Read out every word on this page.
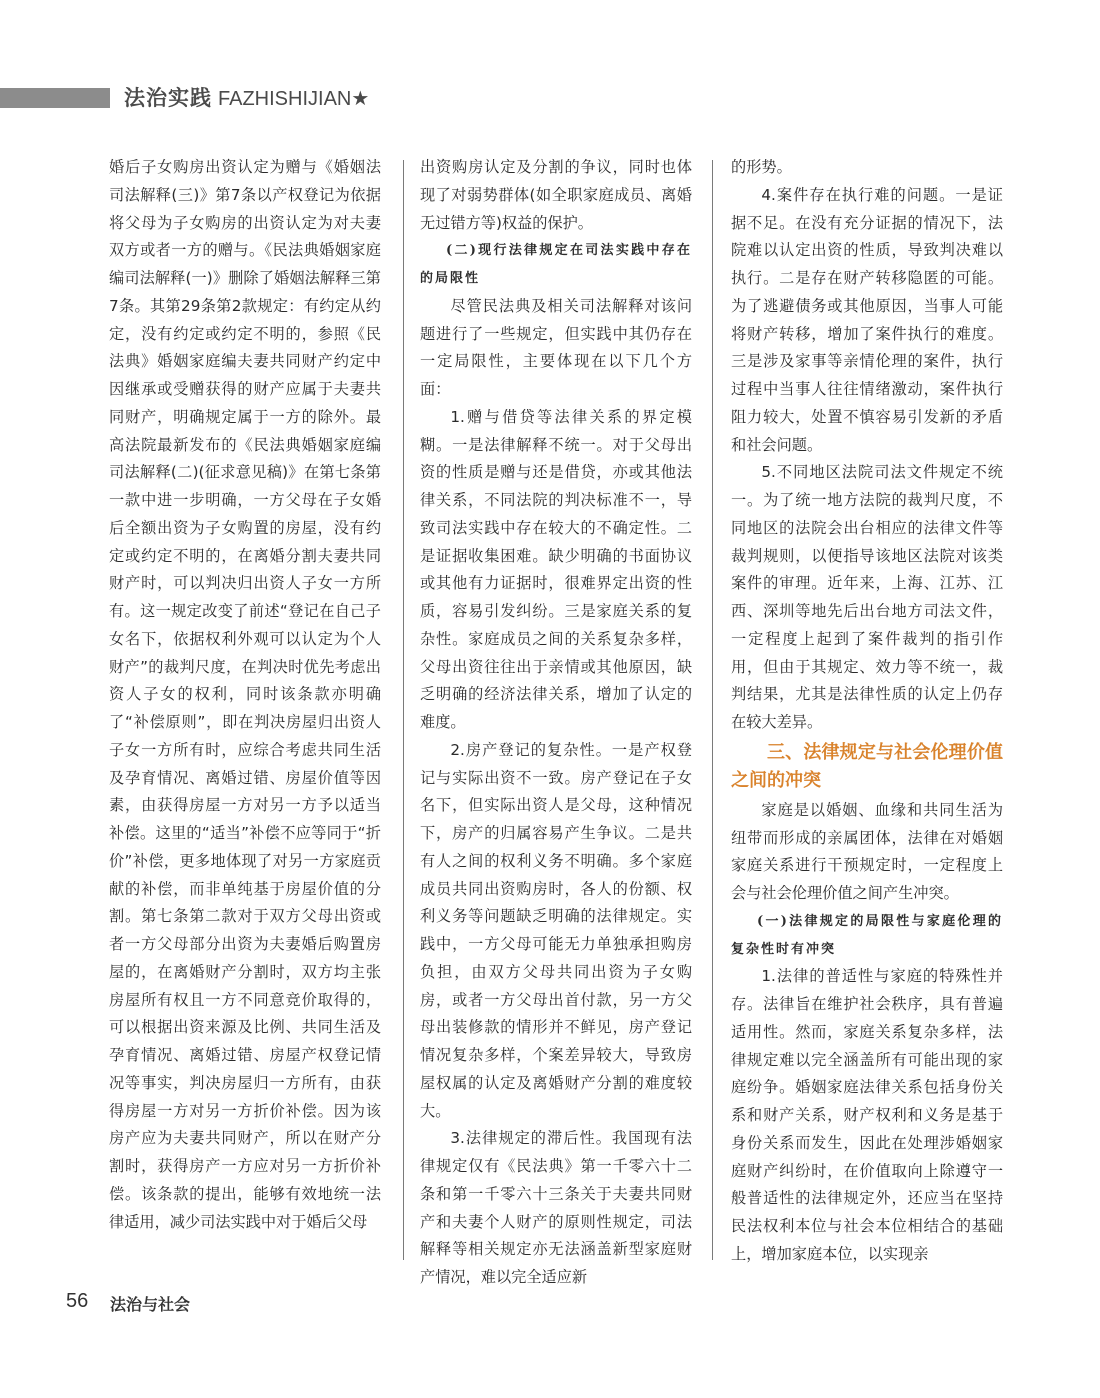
法治实践 FAZHISHIJIAN★

婚后子女购房出资认定为赠与《婚姻法司法解释(三)》第7条以产权登记为依据将父母为子女购房的出资认定为对夫妻双方或者一方的赠与。《民法典婚姻家庭编司法解释(一)》删除了婚姻法解释三第7条。其第29条第2款规定：有约定从约定，没有约定或约定不明的，参照《民法典》婚姻家庭编夫妻共同财产约定中因继承或受赠获得的财产应属于夫妻共同财产，明确规定属于一方的除外。最高法院最新发布的《民法典婚姻家庭编司法解释(二)(征求意见稿)》在第七条第一款中进一步明确，一方父母在子女婚后全额出资为子女购置的房屋，没有约定或约定不明的，在离婚分割夫妻共同财产时，可以判决归出资人子女一方所有。这一规定改变了前述“登记在自己子女名下，依据权利外观可以认定为个人财产”的裁判尺度，在判决时优先考虑出资人子女的权利，同时该条款亦明确了“补偿原则”，即在判决房屋归出资人子女一方所有时，应综合考虑共同生活及孕育情况、离婚过错、房屋价值等因素，由获得房屋一方对另一方予以适当补偿。这里的“适当”补偿不应等同于“折价”补偿，更多地体现了对另一方家庭贡献的补偿，而非单纯基于房屋价值的分割。第七条第二款对于双方父母出资或者一方父母部分出资为夫妻婚后购置房屋的，在离婚财产分割时，双方均主张房屋所有权且一方不同意竞价取得的，可以根据出资来源及比例、共同生活及孕育情况、离婚过错、房屋产权登记情况等事实，判决房屋归一方所有，由获得房屋一方对另一方折价补偿。因为该房产应为夫妻共同财产，所以在财产分割时，获得房产一方应对另一方折价补偿。该条款的提出，能够有效地统一法律适用，减少司法实践中对于婚后父母

出资购房认定及分割的争议，同时也体现了对弱势群体(如全职家庭成员、离婚无过错方等)权益的保护。

(二)现行法律规定在司法实践中存在的局限性

尽管民法典及相关司法解释对该问题进行了一些规定，但实践中其仍存在一定局限性，主要体现在以下几个方面：

1.赠与借贷等法律关系的界定模糊。一是法律解释不统一。对于父母出资的性质是赠与还是借贷，亦或其他法律关系，不同法院的判决标准不一，导致司法实践中存在较大的不确定性。二是证据收集困难。缺少明确的书面协议或其他有力证据时，很难界定出资的性质，容易引发纠纷。三是家庭关系的复杂性。家庭成员之间的关系复杂多样，父母出资往往出于亲情或其他原因，缺乏明确的经济法律关系，增加了认定的难度。

2.房产登记的复杂性。一是产权登记与实际出资不一致。房产登记在子女名下，但实际出资人是父母，这种情况下，房产的归属容易产生争议。二是共有人之间的权利义务不明确。多个家庭成员共同出资购房时，各人的份额、权利义务等问题缺乏明确的法律规定。实践中，一方父母可能无力单独承担购房负担，由双方父母共同出资为子女购房，或者一方父母出首付款，另一方父母出装修款的情形并不鲜见，房产登记情况复杂多样，个案差异较大，导致房屋权属的认定及离婚财产分割的难度较大。

3.法律规定的滞后性。我国现有法律规定仅有《民法典》第一千零六十二条和第一千零六十三条关于夫妻共同财产和夫妻个人财产的原则性规定，司法解释等相关规定亦无法涵盖新型家庭财产情况，难以完全适应新

的形势。

4.案件存在执行难的问题。一是证据不足。在没有充分证据的情况下，法院难以认定出资的性质，导致判决难以执行。二是存在财产转移隐匿的可能。为了逃避债务或其他原因，当事人可能将财产转移，增加了案件执行的难度。三是涉及家事等亲情伦理的案件，执行过程中当事人往往情绪激动，案件执行阻力较大，处置不慎容易引发新的矛盾和社会问题。

5.不同地区法院司法文件规定不统一。为了统一地方法院的裁判尺度，不同地区的法院会出台相应的法律文件等裁判规则，以便指导该地区法院对该类案件的审理。近年来，上海、江苏、江西、深圳等地先后出台地方司法文件，一定程度上起到了案件裁判的指引作用，但由于其规定、效力等不统一，裁判结果，尤其是法律性质的认定上仍存在较大差异。

三、法律规定与社会伦理价值之间的冲突

家庭是以婚姻、血缘和共同生活为纽带而形成的亲属团体，法律在对婚姻家庭关系进行干预规定时，一定程度上会与社会伦理价值之间产生冲突。

(一)法律规定的局限性与家庭伦理的复杂性时有冲突

1.法律的普适性与家庭的特殊性并存。法律旨在维护社会秩序，具有普遍适用性。然而，家庭关系复杂多样，法律规定难以完全涵盖所有可能出现的家庭纷争。婚姻家庭法律关系包括身份关系和财产关系，财产权利和义务是基于身份关系而发生，因此在处理涉婚姻家庭财产纠纷时，在价值取向上除遵守一般普适性的法律规定外，还应当在坚持民法权利本位与社会本位相结合的基础上，增加家庭本位，以实现亲

56 法治与社会
